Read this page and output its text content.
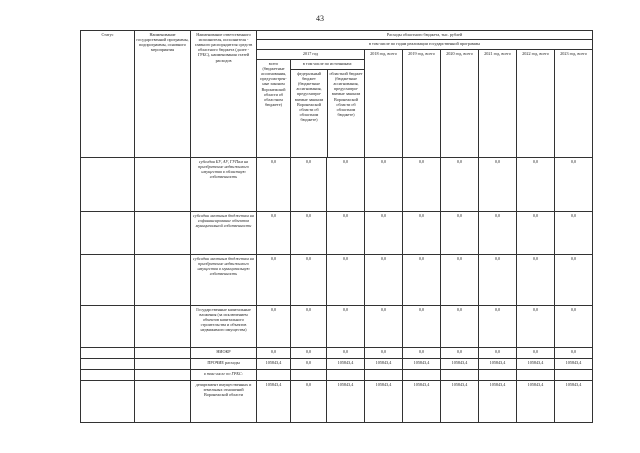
43
Статус	Наименование государственной программы, подпрограммы, основного мероприятия	Наименование ответственного исполнителя, исполнителя - главного распорядителя средств областного бюджета (далее - ГРБС), наименования статей расходов	Расходы областного бюджета, тыс. рублей
в том числе по годам реализации государственной программы
2017 год	2018 год, всего	2019 год, всего	2020 год, всего	2021 год, всего	2022 год, всего	2023 год, всего
всего (бюджетные ассигнования, предусмотрен-ные законом Воронежской области об областном бюджете)	
в том числе по источникам:
федеральный бюджет (бюджетные ассигнования, предусматри-ваемые законом Воронежской области об областном бюджете)	областной бюджет (бюджетные ассигнования, предусматри-ваемые законом Воронежской области об областном бюджете)

		субсидии БУ, АУ, ГУПам на приобретение недвижимого имущества в областную собственность	0,0	0,0	0,0	0,0	0,0	0,0	0,0	0,0	0,0
		субсидии местным бюджетам на софинансирование объектов муниципальной собственности	0,0	0,0	0,0	0,0	0,0	0,0	0,0	0,0	0,0
		субсидии местным бюджетам на приобретение недвижимого имущества в муниципальную собственность	0,0	0,0	0,0	0,0	0,0	0,0	0,0	0,0	0,0
		Государственные капитальные вложения (за исключением объектов капитального строительства и объектов недвижимого имущества)	0,0	0,0	0,0	0,0	0,0	0,0	0,0	0,0	0,0
		НИОКР	0,0	0,0	0,0	0,0	0,0	0,0	0,0	0,0	0,0
		ПРОЧИЕ расходы	105843,4	0,0	105843,4	105843,4	105843,4	105843,4	105843,4	105843,4	105843,4
		в том числе по ГРБС:									
		департамент имущественных и земельных отношений Воронежской области	105843,4	0,0	105843,4	105843,4	105843,4	105843,4	105843,4	105843,4	105843,4
